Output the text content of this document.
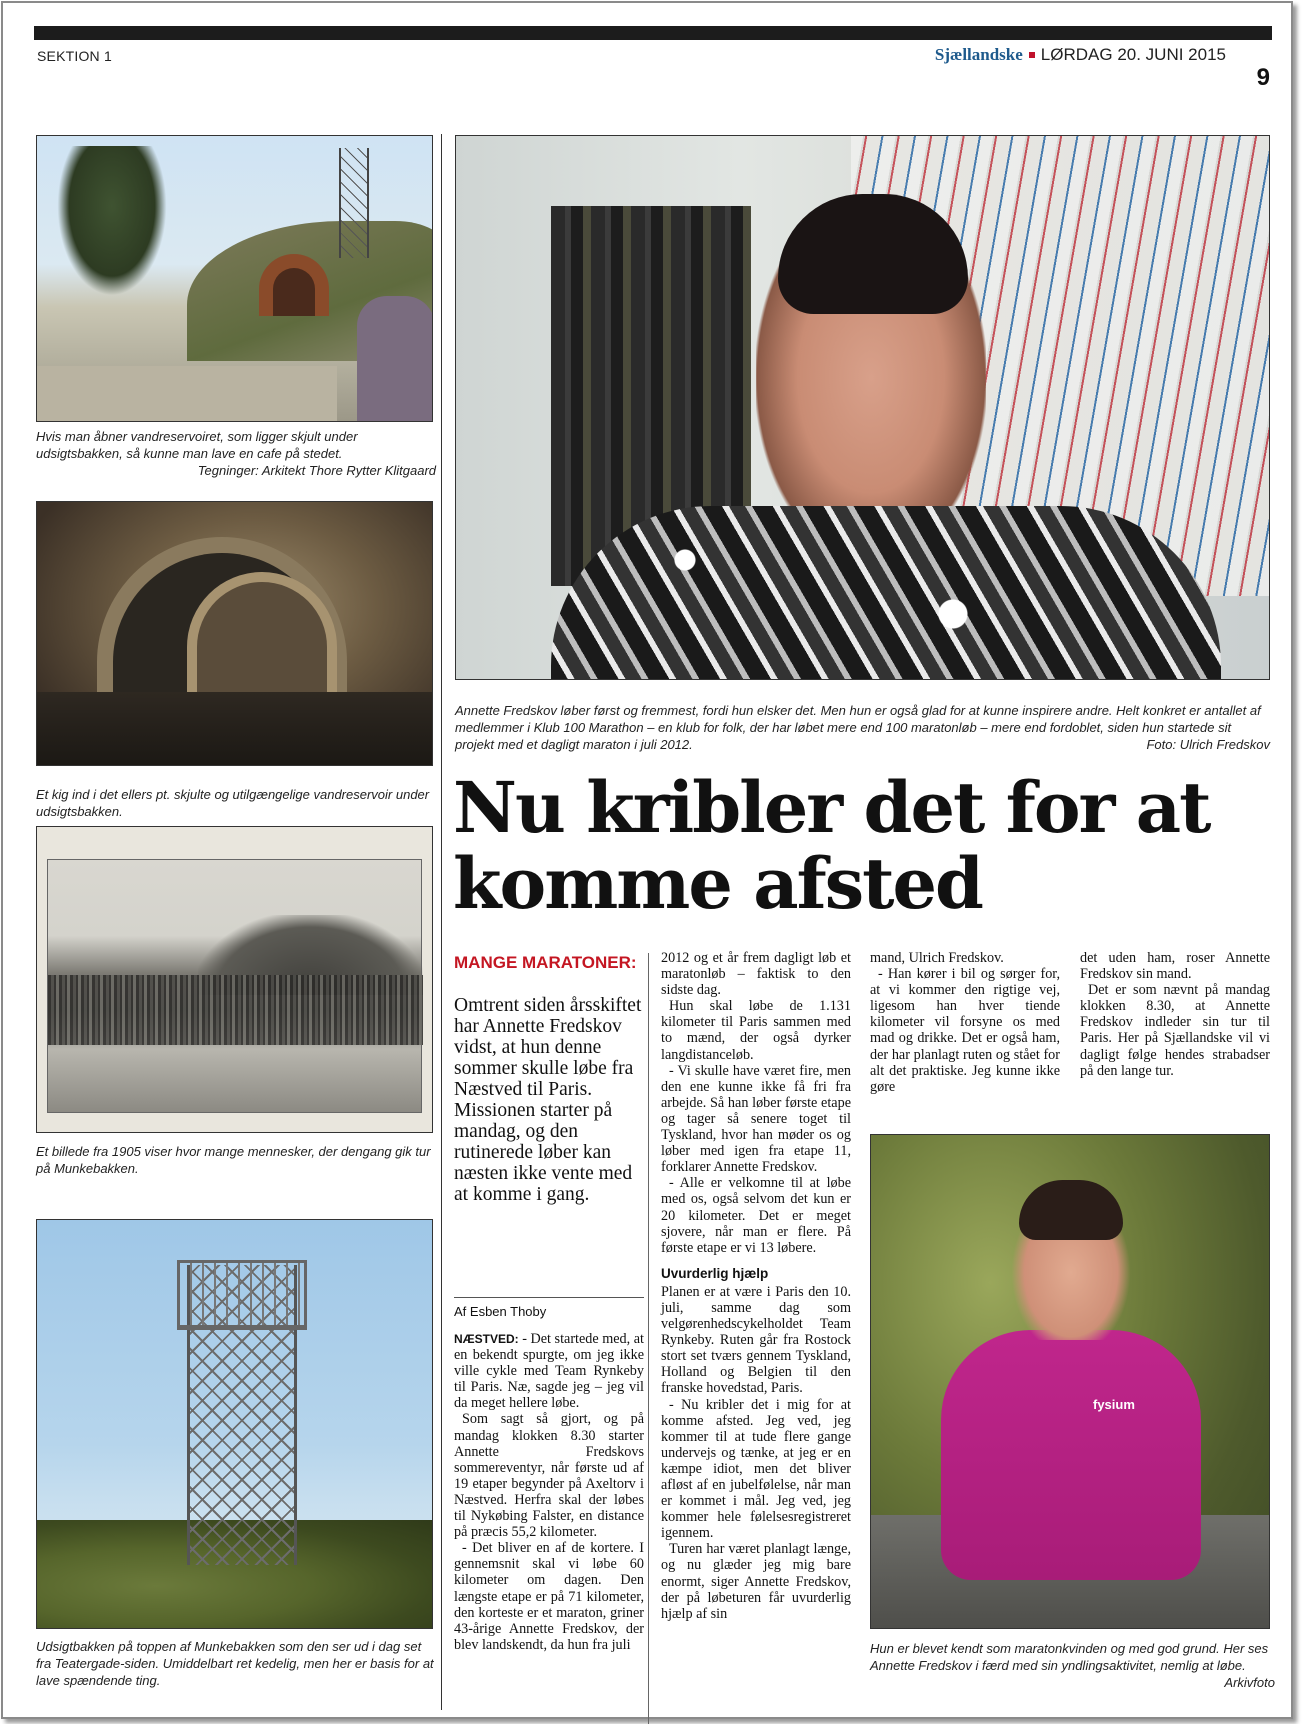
SEKTION 1	Sjællandske LØRDAG 20. JUNI 2015
9
Hvis man åbner vandreservoiret, som ligger skjult under udsigtsbakken, så kunne man lave en cafe på stedet.
Tegninger: Arkitekt Thore Rytter Klitgaard
Et kig ind i det ellers pt. skjulte og utilgængelige vandreservoir under udsigtsbakken.
Et billede fra 1905 viser hvor mange mennesker, der dengang gik tur på Munkebakken.
Udsigtbakken på toppen af Munkebakken som den ser ud i dag set fra Teatergade-siden. Umiddelbart ret kedelig, men her er basis for at lave spændende ting.
Annette Fredskov løber først og fremmest, fordi hun elsker det. Men hun er også glad for at kunne inspirere andre. Helt konkret er antallet af medlemmer i Klub 100 Marathon – en klub for folk, der har løbet mere end 100 maratonløb – mere end fordoblet, siden hun startede sit projekt med et dagligt maraton i juli 2012.	Foto: Ulrich Fredskov
Nu kribler det for at komme afsted
MANGE MARATONER:
Omtrent siden årsskiftet har Annette Fredskov vidst, at hun denne sommer skulle løbe fra Næstved til Paris. Missionen starter på mandag, og den rutinerede løber kan næsten ikke vente med at komme i gang.
Af Esben Thoby

NÆSTVED: - Det startede med, at en bekendt spurgte, om jeg ikke ville cykle med Team Rynkeby til Paris. Næ, sagde jeg – jeg vil da meget hellere løbe.

Som sagt så gjort, og på mandag klokken 8.30 starter Annette Fredskovs sommereventyr, når første ud af 19 etaper begynder på Axeltorv i Næstved. Herfra skal der løbes til Nykøbing Falster, en distance på præcis 55,2 kilometer.

- Det bliver en af de kortere. I gennemsnit skal vi løbe 60 kilometer om dagen. Den længste etape er på 71 kilometer, den korteste er et maraton, griner 43-årige Annette Fredskov, der blev landskendt, da hun fra juli

2012 og et år frem dagligt løb et maratonløb – faktisk to den sidste dag.

Hun skal løbe de 1.131 kilometer til Paris sammen med to mænd, der også dyrker langdistanceløb.

- Vi skulle have været fire, men den ene kunne ikke få fri fra arbejde. Så han løber første etape og tager så senere toget til Tyskland, hvor han møder os og løber med igen fra etape 11, forklarer Annette Fredskov.

- Alle er velkomne til at løbe med os, også selvom det kun er 20 kilometer. Det er meget sjovere, når man er flere. På første etape er vi 13 løbere.

Uvurderlig hjælp

Planen er at være i Paris den 10. juli, samme dag som velgørenhedscykelholdet Team Rynkeby. Ruten går fra Rostock stort set tværs gennem Tyskland, Holland og Belgien til den franske hovedstad, Paris.

- Nu kribler det i mig for at komme afsted. Jeg ved, jeg kommer til at tude flere gange undervejs og tænke, at jeg er en kæmpe idiot, men det bliver afløst af en jubelfølelse, når man er kommet i mål. Jeg ved, jeg kommer hele følelsesregistreret igennem.

Turen har været planlagt længe, og nu glæder jeg mig bare enormt, siger Annette Fredskov, der på løbeturen får uvurderlig hjælp af sin

mand, Ulrich Fredskov.

- Han kører i bil og sørger for, at vi kommer den rigtige vej, ligesom han hver tiende kilometer vil forsyne os med mad og drikke. Det er også ham, der har planlagt ruten og stået for alt det praktiske. Jeg kunne ikke gøre

det uden ham, roser Annette Fredskov sin mand.

Det er som nævnt på mandag klokken 8.30, at Annette Fredskov indleder sin tur til Paris. Her på Sjællandske vil vi dagligt følge hendes strabadser på den lange tur.

fysium
Hun er blevet kendt som maratonkvinden og med god grund. Her ses Annette Fredskov i færd med sin yndlingsaktivitet, nemlig at løbe.
Arkivfoto
